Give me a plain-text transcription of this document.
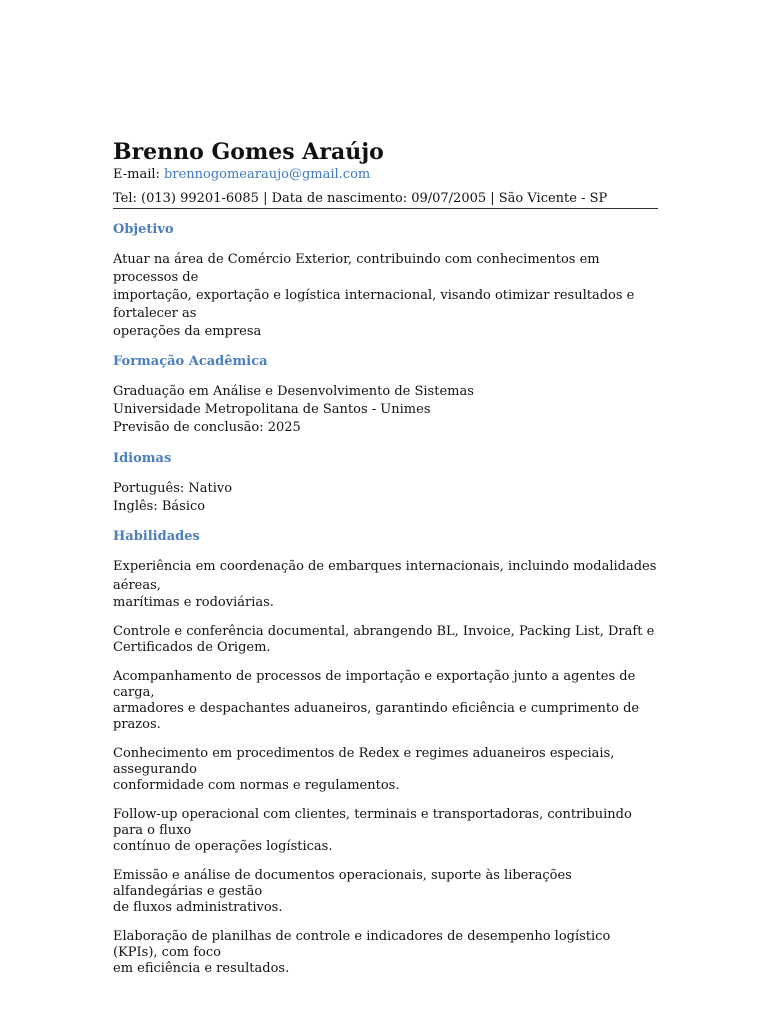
Brenno Gomes Araújo

E-mail: brennogomearaujo@gmail.com

Tel: (013) 99201-6085 | Data de nascimento: 09/07/2005 | São Vicente - SP

Objetivo

Atuar na área de Comércio Exterior, contribuindo com conhecimentos em processos de

importação, exportação e logística internacional, visando otimizar resultados e fortalecer as

operações da empresa

Formação Acadêmica

Graduação em Análise e Desenvolvimento de Sistemas

Universidade Metropolitana de Santos - Unimes

Previsão de conclusão: 2025

Idiomas

Português: Nativo

Inglês: Básico

Habilidades

Experiência em coordenação de embarques internacionais, incluindo modalidades aéreas,

marítimas e rodoviárias.

Controle e conferência documental, abrangendo BL, Invoice, Packing List, Draft e

Certificados de Origem.

Acompanhamento de processos de importação e exportação junto a agentes de carga,

armadores e despachantes aduaneiros, garantindo eficiência e cumprimento de prazos.

Conhecimento em procedimentos de Redex e regimes aduaneiros especiais, assegurando

conformidade com normas e regulamentos.

Follow-up operacional com clientes, terminais e transportadoras, contribuindo para o fluxo

contínuo de operações logísticas.

Emissão e análise de documentos operacionais, suporte às liberações alfandegárias e gestão

de fluxos administrativos.

Elaboração de planilhas de controle e indicadores de desempenho logístico (KPIs), com foco

em eficiência e resultados.
